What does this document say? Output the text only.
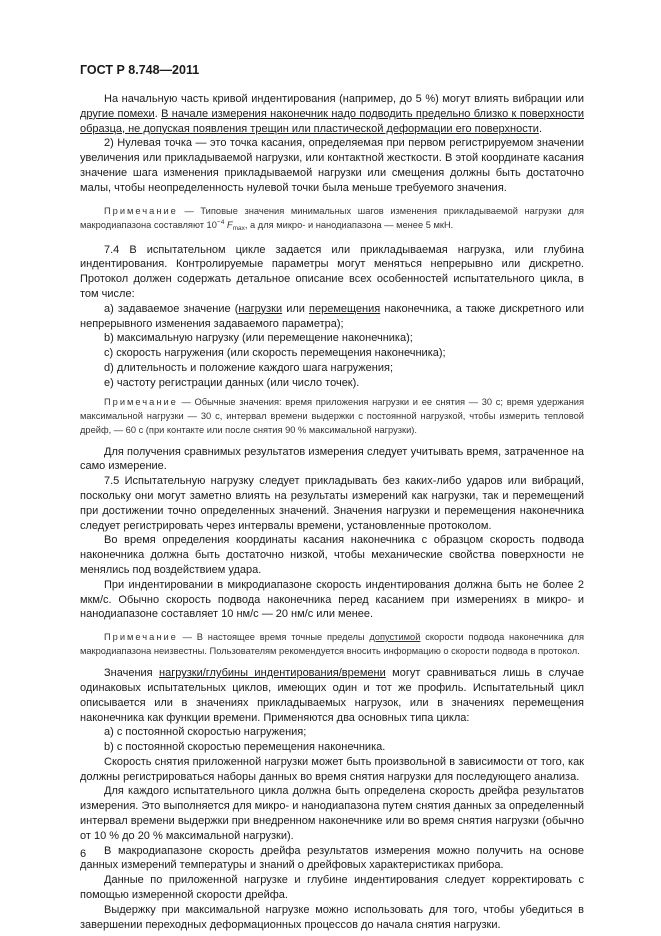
ГОСТ Р 8.748—2011

На начальную часть кривой индентирования (например, до 5 %) могут влиять вибрации или другие помехи. В начале измерения наконечник надо подводить предельно близко к поверхности образца, не допуская появления трещин или пластической деформации его поверхности.

2) Нулевая точка — это точка касания, определяемая при первом регистрируемом значении увеличения или прикладываемой нагрузки, или контактной жесткости. В этой координате касания значение шага изменения прикладываемой нагрузки или смещения должны быть достаточно малы, чтобы неопределенность нулевой точки была меньше требуемого значения.

Примечание — Типовые значения минимальных шагов изменения прикладываемой нагрузки для макродиапазона составляют $10^{-4}$ $F_{max}$, а для микро- и нанодиапазона — менее 5 мкН.

7.4 В испытательном цикле задается или прикладываемая нагрузка, или глубина индентирования. Контролируемые параметры могут меняться непрерывно или дискретно. Протокол должен содержать детальное описание всех особенностей испытательного цикла, в том числе:

a) задаваемое значение (нагрузки или перемещения наконечника, а также дискретного или непрерывного изменения задаваемого параметра);

b) максимальную нагрузку (или перемещение наконечника);

c) скорость нагружения (или скорость перемещения наконечника);

d) длительность и положение каждого шага нагружения;

e) частоту регистрации данных (или число точек).

Примечание — Обычные значения: время приложения нагрузки и ее снятия — 30 с; время удержания максимальной нагрузки — 30 с, интервал времени выдержки с постоянной нагрузкой, чтобы измерить тепловой дрейф, — 60 с (при контакте или после снятия 90 % максимальной нагрузки).

Для получения сравнимых результатов измерения следует учитывать время, затраченное на само измерение.

7.5 Испытательную нагрузку следует прикладывать без каких-либо ударов или вибраций, поскольку они могут заметно влиять на результаты измерений как нагрузки, так и перемещений при достижении точно определенных значений. Значения нагрузки и перемещения наконечника следует регистрировать через интервалы времени, установленные протоколом.

Во время определения координаты касания наконечника с образцом скорость подвода наконечника должна быть достаточно низкой, чтобы механические свойства поверхности не менялись под воздействием удара.

При индентировании в микродиапазоне скорость индентирования должна быть не более 2 мкм/с. Обычно скорость подвода наконечника перед касанием при измерениях в микро- и нанодиапазоне составляет 10 нм/с — 20 нм/с или менее.

Примечание — В настоящее время точные пределы допустимой скорости подвода наконечника для макродиапазона неизвестны. Пользователям рекомендуется вносить информацию о скорости подвода в протокол.

Значения нагрузки/глубины индентирования/времени могут сравниваться лишь в случае одинаковых испытательных циклов, имеющих один и тот же профиль. Испытательный цикл описывается или в значениях прикладываемых нагрузок, или в значениях перемещения наконечника как функции времени. Применяются два основных типа цикла:

a) с постоянной скоростью нагружения;

b) с постоянной скоростью перемещения наконечника.

Скорость снятия приложенной нагрузки может быть произвольной в зависимости от того, как должны регистрироваться наборы данных во время снятия нагрузки для последующего анализа.

Для каждого испытательного цикла должна быть определена скорость дрейфа результатов измерения. Это выполняется для микро- и нанодиапазона путем снятия данных за определенный интервал времени выдержки при внедренном наконечнике или во время снятия нагрузки (обычно от 10 % до 20 % максимальной нагрузки).

В макродиапазоне скорость дрейфа результатов измерения можно получить на основе данных измерений температуры и знаний о дрейфовых характеристиках прибора.

Данные по приложенной нагрузке и глубине индентирования следует корректировать с помощью измеренной скорости дрейфа.

Выдержку при максимальной нагрузке можно использовать для того, чтобы убедиться в завершении переходных деформационных процессов до начала снятия нагрузки.

6
